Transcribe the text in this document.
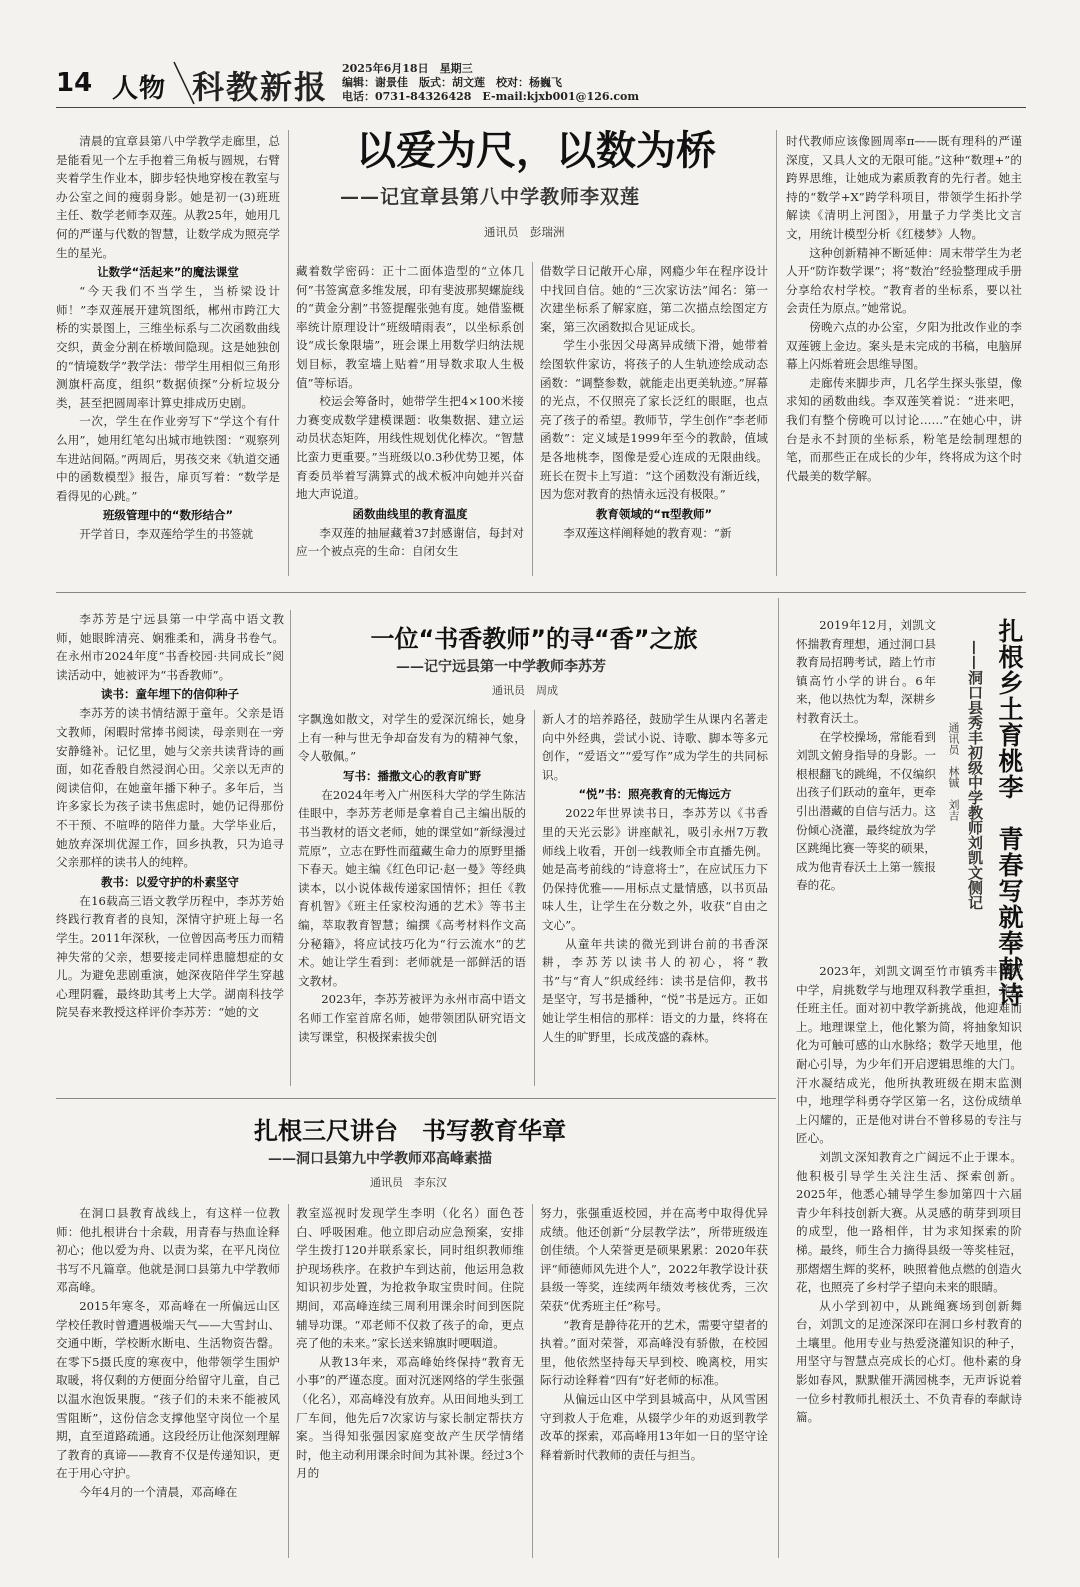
14 人物 科教新报 2025年6月18日　星期三
编辑：谢景佳　版式：胡文莲　校对：杨巍飞
电话：0731-84326428　E-mail:kjxb001@126.com
以爱为尺，以数为桥
——记宜章县第八中学教师李双莲
通讯员　彭瑞洲

清晨的宜章县第八中学教学走廊里，总是能看见一个左手抱着三角板与圆规，右臂夹着学生作业本，脚步轻快地穿梭在教室与办公室之间的瘦弱身影。她是初一(3)班班主任、数学老师李双莲。从教25年，她用几何的严谨与代数的智慧，让数学成为照亮学生的星光。

让数学“活起来”的魔法课堂

“今天我们不当学生，当桥梁设计师！”李双莲展开建筑图纸，郴州市跨江大桥的实景图上，三维坐标系与二次函数曲线交织，黄金分割在桥墩间隐现。这是她独创的“情境数学”教学法：带学生用相似三角形测旗杆高度，组织“数据侦探”分析垃圾分类，甚至把圆周率计算史排成历史剧。

一次，学生在作业旁写下“学这个有什么用”，她用红笔勾出城市地铁图：“观察列车进站间隔。”两周后，男孩交来《轨道交通中的函数模型》报告，扉页写着：“数学是看得见的心跳。”

班级管理中的“数形结合”

开学首日，李双莲给学生的书签就

藏着数学密码：正十二面体造型的“立体几何”书签寓意多维发展，印有斐波那契螺旋线的“黄金分割”书签提醒张弛有度。她借鉴概率统计原理设计“班级晴雨表”，以坐标系创设“成长象限墙”，班会课上用数学归纳法规划目标，教室墙上贴着“用导数求取人生极值”等标语。

校运会筹备时，她带学生把4×100米接力赛变成数学建模课题：收集数据、建立运动员状态矩阵，用线性规划优化棒次。“智慧比蛮力更重要。”当班级以0.3秒优势卫冕，体育委员举着写满算式的战术板冲向她并兴奋地大声说道。

函数曲线里的教育温度

李双莲的抽屉藏着37封感谢信，每封对应一个被点亮的生命：自闭女生

借数学日记敞开心扉，网瘾少年在程序设计中找回自信。她的“三次家访法”闻名：第一次建坐标系了解家庭，第二次描点绘图定方案，第三次函数拟合见证成长。

学生小张因父母离异成绩下滑，她带着绘图软件家访，将孩子的人生轨迹绘成动态函数：“调整参数，就能走出更美轨迹。”屏幕的光点，不仅照亮了家长泛红的眼眶，也点亮了孩子的希望。教师节，学生创作“李老师函数”：定义域是1999年至今的教龄，值域是各地桃李，图像是爱心连成的无限曲线。班长在贺卡上写道：“这个函数没有渐近线，因为您对教育的热情永远没有极限。”

教育领域的“π型教师”

李双莲这样阐释她的教育观：“新

时代教师应该像圆周率π——既有理科的严谨深度，又具人文的无限可能。”这种“数理+”的跨界思维，让她成为素质教育的先行者。她主持的“数学+X”跨学科项目，带领学生拓扑学解读《清明上河图》，用量子力学类比文言文，用统计模型分析《红楼梦》人物。

这种创新精神不断延伸：周末带学生为老人开“防诈数学课”；将“数治”经验整理成手册分享给农村学校。“教育者的坐标系，要以社会责任为原点。”她常说。

傍晚六点的办公室，夕阳为批改作业的李双莲镀上金边。案头是未完成的书稿，电脑屏幕上闪烁着班会思维导图。

走廊传来脚步声，几名学生探头张望，像求知的函数曲线。李双莲笑着说：“进来吧，我们有整个傍晚可以讨论……”在她心中，讲台是永不封顶的坐标系，粉笔是绘制理想的笔，而那些正在成长的少年，终将成为这个时代最美的数学解。

一位“书香教师”的寻“香”之旅
——记宁远县第一中学教师李苏芳
通讯员　周成

李苏芳是宁远县第一中学高中语文教师，她眼眸清亮、娴雅柔和，满身书卷气。在永州市2024年度“书香校园·共同成长”阅读活动中，她被评为“书香教师”。

读书：童年埋下的信仰种子

李苏芳的读书情结源于童年。父亲是语文教师，闲暇时常捧书阅读，母亲则在一旁安静缝补。记忆里，她与父亲共读背诗的画面，如花香般自然浸润心田。父亲以无声的阅读信仰，在她童年播下种子。多年后，当许多家长为孩子读书焦虑时，她仍记得那份不干预、不喧哗的陪伴力量。大学毕业后，她放弃深圳优渥工作，回乡执教，只为追寻父亲那样的读书人的纯粹。

教书：以爱守护的朴素坚守

在16载高三语文教学历程中，李苏芳始终践行教育者的良知，深情守护班上每一名学生。2011年深秋，一位曾因高考压力而精神失常的父亲，想要接走同样患臆想症的女儿。为避免悲剧重演，她深夜陪伴学生穿越心理阴霾，最终助其考上大学。湖南科技学院吴春来教授这样评价李苏芳：“她的文

字飘逸如散文，对学生的爱深沉绵长，她身上有一种与世无争却奋发有为的精神气象，令人敬佩。”

写书：播撒文心的教育旷野

在2024年考入广州医科大学的学生陈洁佳眼中，李苏芳老师是拿着自己主编出版的书当教材的语文老师，她的课堂如“新绿漫过荒原”，立志在野性而蕴藏生命力的原野里播下春天。她主编《红色印记·赵一曼》等经典读本，以小说体裁传递家国情怀；担任《教育机智》《班主任家校沟通的艺术》等书主编，萃取教育智慧；编撰《高考材料作文高分秘籍》，将应试技巧化为“行云流水”的艺术。她让学生看到：老师就是一部鲜活的语文教材。

2023年，李苏芳被评为永州市高中语文名师工作室首席名师，她带领团队研究语文读写课堂，积极探索拔尖创

新人才的培养路径，鼓励学生从课内名著走向中外经典，尝试小说、诗歌、脚本等多元创作，“爱语文”“爱写作”成为学生的共同标识。

“悦”书：照亮教育的无悔远方

2022年世界读书日，李苏芳以《书香里的天光云影》讲座献礼，吸引永州7万教师线上收看，开创一线教师全市直播先例。她是高考前线的“诗意将士”，在应试压力下仍保持优雅——用标点丈量情感，以书页品味人生，让学生在分数之外，收获“自由之文心”。

从童年共读的微光到讲台前的书香深耕，李苏芳以读书人的初心，将“教书”与“育人”织成经纬：读书是信仰，教书是坚守，写书是播种，“悦”书是远方。正如她让学生相信的那样：语文的力量，终将在人生的旷野里，长成茂盛的森林。

扎根三尺讲台　书写教育华章
——洞口县第九中学教师邓高峰素描
通讯员　李东汉

在洞口县教育战线上，有这样一位教师：他扎根讲台十余载，用青春与热血诠释初心；他以爱为舟、以责为桨，在平凡岗位书写不凡篇章。他就是洞口县第九中学教师邓高峰。

2015年寒冬，邓高峰在一所偏远山区学校任教时曾遭遇极端天气——大雪封山、交通中断，学校断水断电、生活物资告罄。在零下5摄氏度的寒夜中，他带领学生围炉取暖，将仅剩的方便面分给留守儿童，自己以温水泡饭果腹。“孩子们的未来不能被风雪阻断”，这份信念支撑他坚守岗位一个星期，直至道路疏通。这段经历让他深刻理解了教育的真谛——教育不仅是传递知识，更在于用心守护。

今年4月的一个清晨，邓高峰在

教室巡视时发现学生李明（化名）面色苍白、呼吸困难。他立即启动应急预案，安排学生拨打120并联系家长，同时组织教师维护现场秩序。在救护车到达前，他运用急救知识初步处置，为抢救争取宝贵时间。住院期间，邓高峰连续三周利用课余时间到医院辅导功课。“邓老师不仅救了孩子的命，更点亮了他的未来。”家长送来锦旗时哽咽道。

从教13年来，邓高峰始终保持“教育无小事”的严谨态度。面对沉迷网络的学生张强（化名），邓高峰没有放弃。从田间地头到工厂车间，他先后7次家访与家长制定帮扶方案。当得知张强因家庭变故产生厌学情绪时，他主动利用课余时间为其补课。经过3个月的

努力，张强重返校园，并在高考中取得优异成绩。他还创新“分层教学法”，所带班级连创佳绩。个人荣誉更是硕果累累：2020年获评“师德师风先进个人”，2022年教学设计获县级一等奖，连续两年绩效考核优秀，三次荣获“优秀班主任”称号。

“教育是静待花开的艺术，需要守望者的执着。”面对荣誉，邓高峰没有骄傲，在校园里，他依然坚持每天早到校、晚离校，用实际行动诠释着“四有”好老师的标准。

从偏远山区中学到县城高中，从风雪困守到救人于危难，从辍学少年的劝返到教学改革的探索，邓高峰用13年如一日的坚守诠释着新时代教师的责任与担当。

扎根乡土育桃李　青春写就奉献诗
——洞口县秀丰初级中学教师刘凯文侧记
通讯员　林铖　刘吉

2019年12月，刘凯文怀揣教育理想，通过洞口县教育局招聘考试，踏上竹市镇高竹小学的讲台。6年来，他以热忱为犁，深耕乡村教育沃土。

在学校操场，常能看到刘凯文俯身指导的身影。一根根翻飞的跳绳，不仅编织出孩子们跃动的童年，更牵引出潜藏的自信与活力。这份倾心浇灌，最终绽放为学区跳绳比赛一等奖的硕果，成为他青春沃土上第一簇报春的花。

2023年，刘凯文调至竹市镇秀丰初级中学，肩挑数学与地理双科教学重担，并担任班主任。面对初中教学新挑战，他迎难而上。地理课堂上，他化繁为简，将抽象知识化为可触可感的山水脉络；数学天地里，他耐心引导，为少年们开启逻辑思维的大门。汗水凝结成光，他所执教班级在期末监测中，地理学科勇夺学区第一名，这份成绩单上闪耀的，正是他对讲台不曾移易的专注与匠心。

刘凯文深知教育之广阔远不止于课本。他积极引导学生关注生活、探索创新。2025年，他悉心辅导学生参加第四十六届青少年科技创新大赛。从灵感的萌芽到项目的成型，他一路相伴，甘为求知探索的阶梯。最终，师生合力摘得县级一等奖桂冠，那熠熠生辉的奖杯，映照着他点燃的创造火花，也照亮了乡村学子望向未来的眼睛。

从小学到初中，从跳绳赛场到创新舞台，刘凯文的足迹深深印在洞口乡村教育的土壤里。他用专业与热爱浇灌知识的种子，用坚守与智慧点亮成长的心灯。他朴素的身影如春风，默默催开满园桃李，无声诉说着一位乡村教师扎根沃土、不负青春的奉献诗篇。
